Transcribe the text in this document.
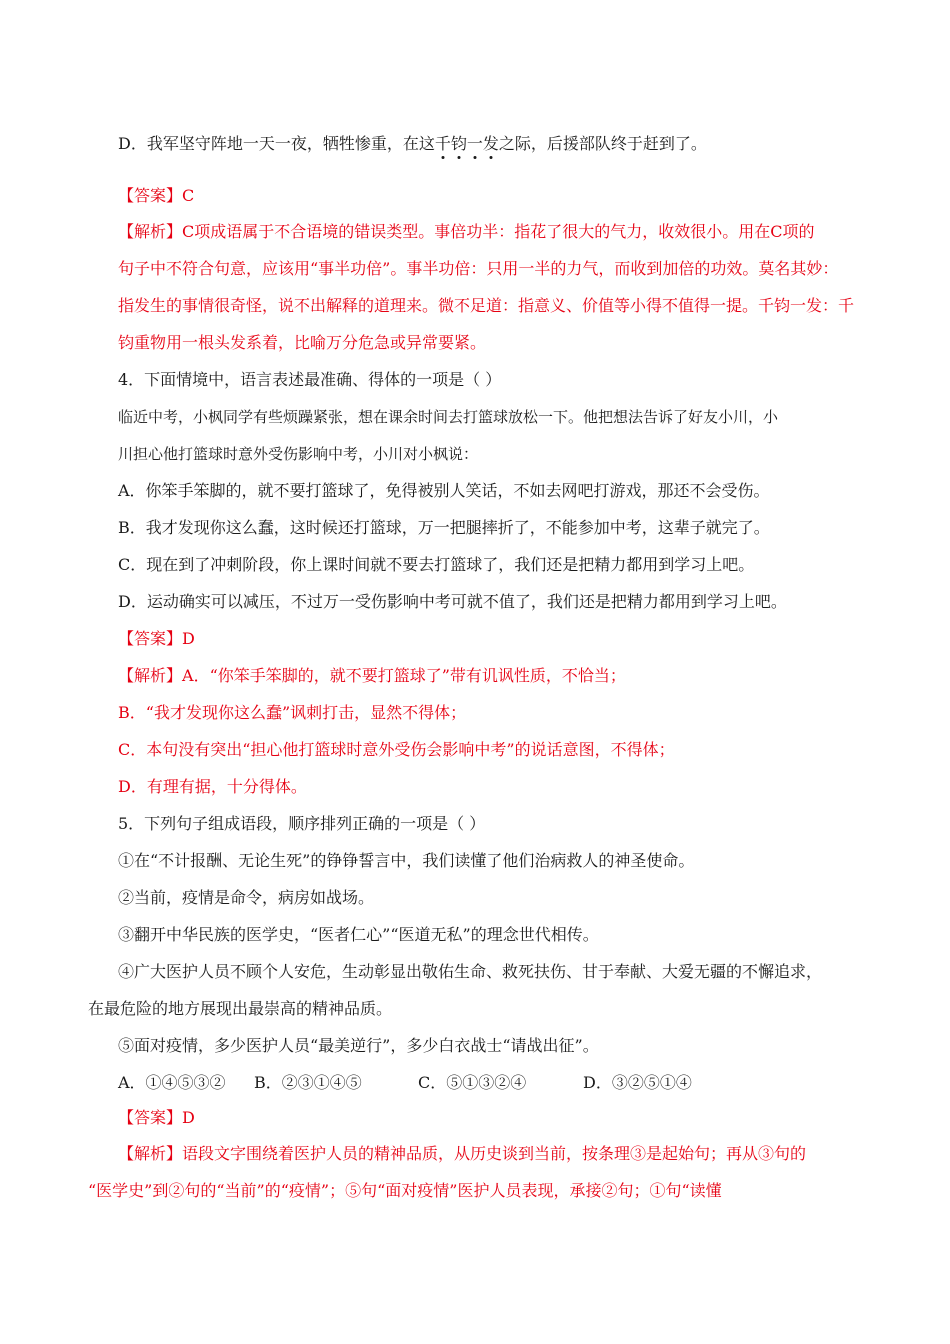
D．我军坚守阵地一天一夜，牺牲惨重，在这千钧一发之际，后援部队终于赶到了。
【答案】C
【解析】C项成语属于不合语境的错误类型。事倍功半：指花了很大的气力，收效很小。用在C项的
句子中不符合句意，应该用“事半功倍”。事半功倍：只用一半的力气，而收到加倍的功效。莫名其妙：
指发生的事情很奇怪，说不出解释的道理来。微不足道：指意义、价值等小得不值得一提。千钧一发：千
钧重物用一根头发系着，比喻万分危急或异常要紧。
4．下面情境中，语言表述最准确、得体的一项是（ ）
临近中考，小枫同学有些烦躁紧张，想在课余时间去打篮球放松一下。他把想法告诉了好友小川，小
川担心他打篮球时意外受伤影响中考，小川对小枫说：
A．你笨手笨脚的，就不要打篮球了，免得被别人笑话，不如去网吧打游戏，那还不会受伤。
B．我才发现你这么蠢，这时候还打篮球，万一把腿摔折了，不能参加中考，这辈子就完了。
C．现在到了冲刺阶段，你上课时间就不要去打篮球了，我们还是把精力都用到学习上吧。
D．运动确实可以减压，不过万一受伤影响中考可就不值了，我们还是把精力都用到学习上吧。
【答案】D
【解析】A．“你笨手笨脚的，就不要打篮球了”带有讥讽性质，不恰当；
B．“我才发现你这么蠢”讽刺打击，显然不得体；
C．本句没有突出“担心他打篮球时意外受伤会影响中考”的说话意图，不得体；
D．有理有据，十分得体。
5．下列句子组成语段，顺序排列正确的一项是（ ）
①在“不计报酬、无论生死”的铮铮誓言中，我们读懂了他们治病救人的神圣使命。
②当前，疫情是命令，病房如战场。
③翻开中华民族的医学史，“医者仁心”“医道无私”的理念世代相传。
④广大医护人员不顾个人安危，生动彰显出敬佑生命、救死扶伤、甘于奉献、大爱无疆的不懈追求，
在最危险的地方展现出最崇高的精神品质。
⑤面对疫情，多少医护人员“最美逆行”，多少白衣战士“请战出征”。
A．①④⑤③② B．②③①④⑤	C．⑤①③②④	D．③②⑤①④
【答案】D
【解析】语段文字围绕着医护人员的精神品质，从历史谈到当前，按条理③是起始句；再从③句的
“医学史”到②句的“当前”的“疫情”；⑤句“面对疫情”医护人员表现，承接②句；①句“读懂
